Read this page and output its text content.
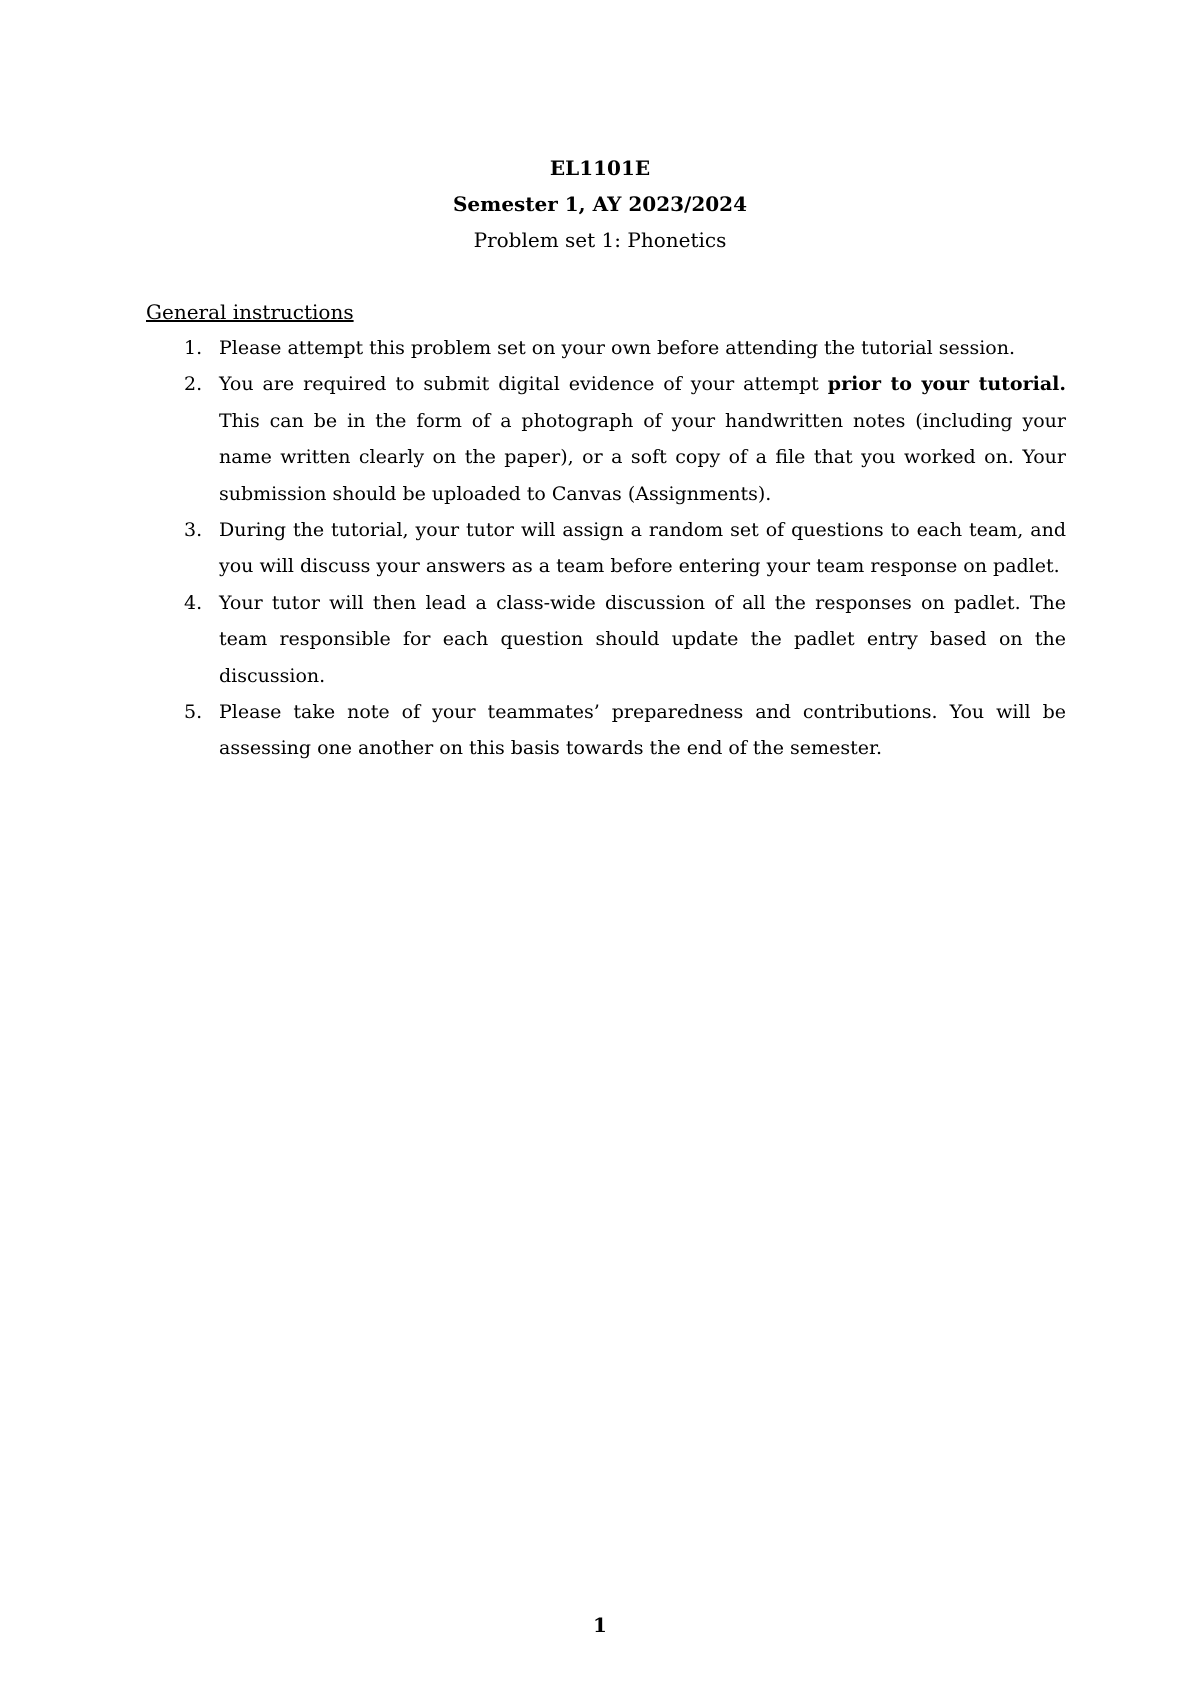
EL1101E
Semester 1, AY 2023/2024
Problem set 1: Phonetics
General instructions
1. Please attempt this problem set on your own before attending the tutorial session.
2. You are required to submit digital evidence of your attempt prior to your tutorial. This can be in the form of a photograph of your handwritten notes (including your name written clearly on the paper), or a soft copy of a file that you worked on. Your submission should be uploaded to Canvas (Assignments).
3. During the tutorial, your tutor will assign a random set of questions to each team, and you will discuss your answers as a team before entering your team response on padlet.
4. Your tutor will then lead a class-wide discussion of all the responses on padlet. The team responsible for each question should update the padlet entry based on the discussion.
5. Please take note of your teammates’ preparedness and contributions. You will be assessing one another on this basis towards the end of the semester.
1
